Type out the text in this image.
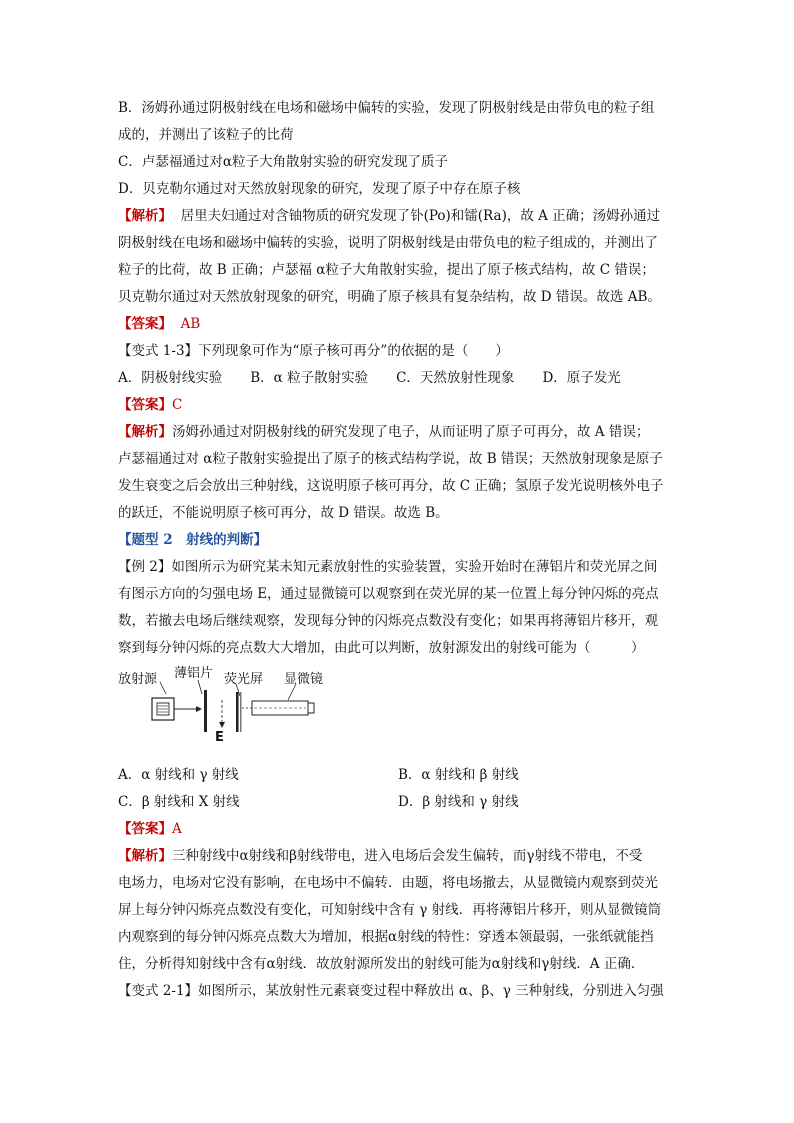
B．汤姆孙通过阴极射线在电场和磁场中偏转的实验，发现了阴极射线是由带负电的粒子组
成的，并测出了该粒子的比荷
C．卢瑟福通过对α粒子大角散射实验的研究发现了质子
D．贝克勒尔通过对天然放射现象的研究，发现了原子中存在原子核
【解析】 居里夫妇通过对含铀物质的研究发现了钋(Po)和镭(Ra)，故 A 正确；汤姆孙通过
阴极射线在电场和磁场中偏转的实验，说明了阴极射线是由带负电的粒子组成的，并测出了
粒子的比荷，故 B 正确；卢瑟福 α粒子大角散射实验，提出了原子核式结构，故 C 错误；
贝克勒尔通过对天然放射现象的研究，明确了原子核具有复杂结构，故 D 错误。故选 AB。
【答案】 AB
【变式 1-3】下列现象可作为“原子核可再分”的依据的是（　　）
A．阴极射线实验 B．α 粒子散射实验 C．天然放射性现象 D．原子发光
【答案】C
【解析】汤姆孙通过对阴极射线的研究发现了电子，从而证明了原子可再分，故 A 错误；
卢瑟福通过对 α粒子散射实验提出了原子的核式结构学说，故 B 错误；天然放射现象是原子
发生衰变之后会放出三种射线，这说明原子核可再分，故 C 正确；氢原子发光说明核外电子
的跃迁，不能说明原子核可再分，故 D 错误。故选 B。
【题型 2　射线的判断】
【例 2】如图所示为研究某未知元素放射性的实验装置，实验开始时在薄铝片和荧光屏之间
有图示方向的匀强电场 E，通过显微镜可以观察到在荧光屏的某一位置上每分钟闪烁的亮点
数，若撤去电场后继续观察，发现每分钟的闪烁亮点数没有变化；如果再将薄铝片移开，观
察到每分钟闪烁的亮点数大大增加，由此可以判断，放射源发出的射线可能为（　　　）
放射源 薄铝片 荧光屏 显微镜
E
A．α 射线和 γ 射线	B．α 射线和 β 射线
C．β 射线和 X 射线	D．β 射线和 γ 射线
【答案】A
【解析】三种射线中α射线和β射线带电，进入电场后会发生偏转，而γ射线不带电，不受
电场力，电场对它没有影响，在电场中不偏转．由题，将电场撤去，从显微镜内观察到荧光
屏上每分钟闪烁亮点数没有变化，可知射线中含有 γ 射线．再将薄铝片移开，则从显微镜筒
内观察到的每分钟闪烁亮点数大为增加，根据α射线的特性：穿透本领最弱，一张纸就能挡
住，分析得知射线中含有α射线．故放射源所发出的射线可能为α射线和γ射线．A 正确．
【变式 2-1】如图所示，某放射性元素衰变过程中释放出 α、β、γ 三种射线，分别进入匀强
